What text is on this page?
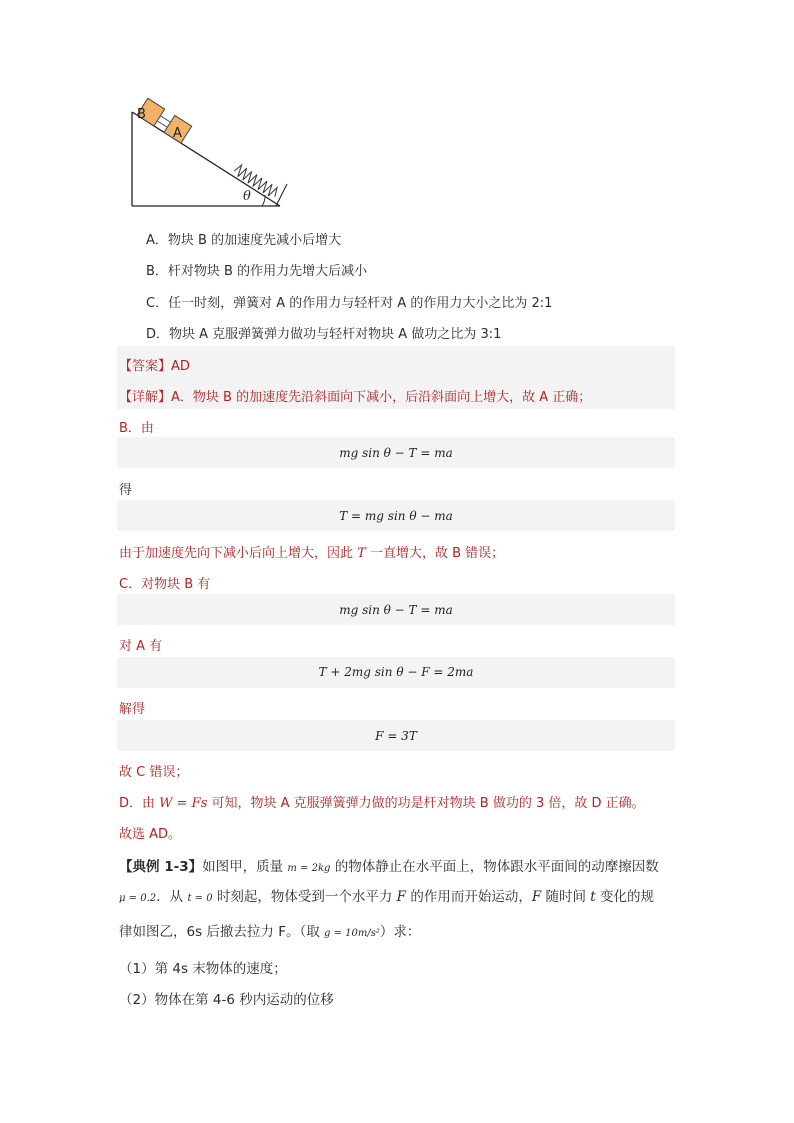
B
A
θ
A．物块 B 的加速度先减小后增大
B．杆对物块 B 的作用力先增大后减小
C．任一时刻，弹簧对 A 的作用力与轻杆对 A 的作用力大小之比为 2:1
D．物块 A 克服弹簧弹力做功与轻杆对物块 A 做功之比为 3:1
【答案】AD
【详解】A．物块 B 的加速度先沿斜面向下减小，后沿斜面向上增大，故 A 正确；
B．由
mg sin θ − T = ma
得
T = mg sin θ − ma
由于加速度先向下减小后向上增大，因此 T 一直增大，故 B 错误；
C．对物块 B 有
mg sin θ − T = ma
对 A 有
T + 2mg sin θ − F = 2ma
解得
F = 3T
故 C 错误；
D．由 W = Fs 可知，物块 A 克服弹簧弹力做的功是杆对物块 B 做功的 3 倍，故 D 正确。
故选 AD。
【典例 1-3】如图甲，质量 m = 2kg 的物体静止在水平面上，物体跟水平面间的动摩擦因数
μ = 0.2．从 t = 0 时刻起，物体受到一个水平力 F 的作用而开始运动，F 随时间 t 变化的规
律如图乙，6s 后撤去拉力 F。（取 g = 10m/s²）求：
（1）第 4s 末物体的速度；
（2）物体在第 4-6 秒内运动的位移
